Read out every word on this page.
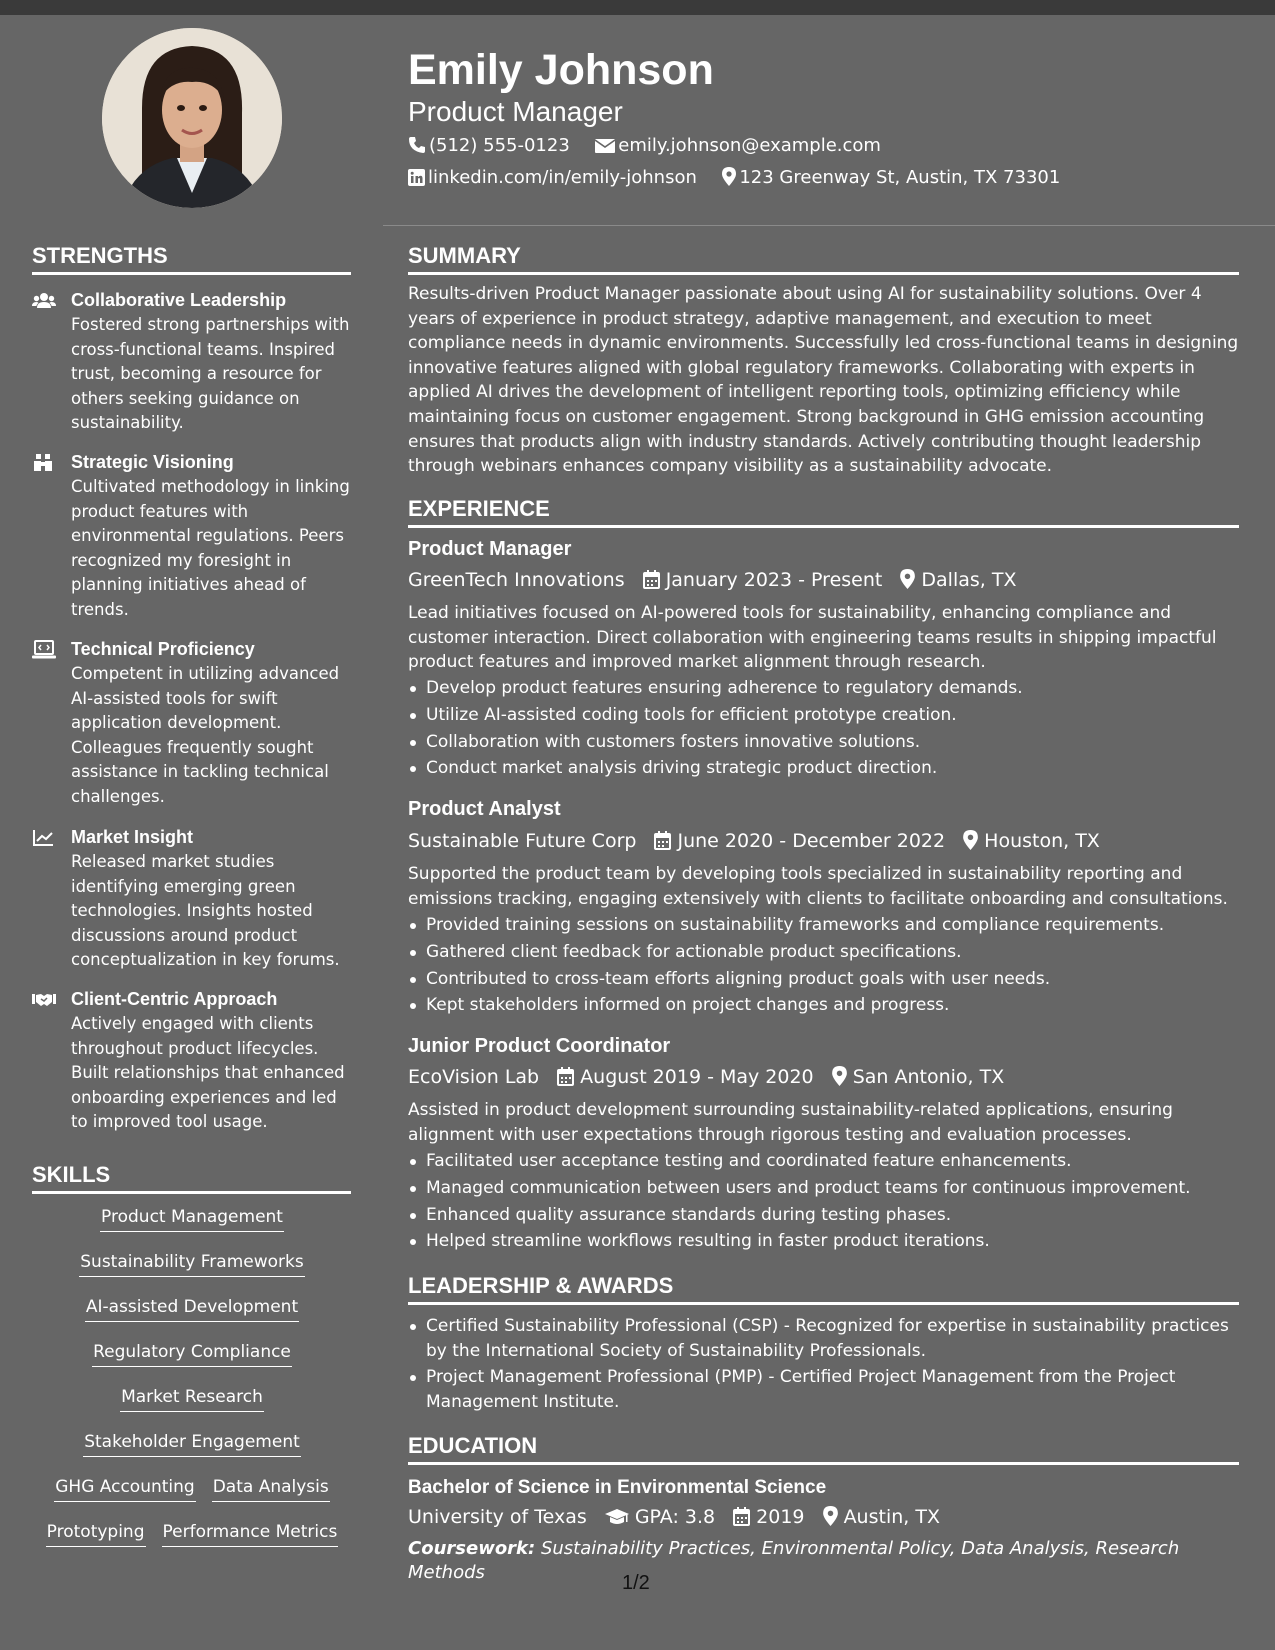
STRENGTHS
Collaborative Leadership
Fostered strong partnerships with cross-functional teams. Inspired trust, becoming a resource for others seeking guidance on sustainability.
Strategic Visioning
Cultivated methodology in linking product features with environmental regulations. Peers recognized my foresight in planning initiatives ahead of trends.
Technical Proficiency
Competent in utilizing advanced AI-assisted tools for swift application development. Colleagues frequently sought assistance in tackling technical challenges.
Market Insight
Released market studies identifying emerging green technologies. Insights hosted discussions around product conceptualization in key forums.
Client-Centric Approach
Actively engaged with clients throughout product lifecycles. Built relationships that enhanced onboarding experiences and led to improved tool usage.
SKILLS
Product Management
Sustainability Frameworks
AI-assisted Development
Regulatory Compliance
Market Research
Stakeholder Engagement
GHG Accounting Data Analysis
Prototyping Performance Metrics
Emily Johnson
Product Manager
(512) 555-0123	emily.johnson@example.com
linkedin.com/in/emily-johnson 123 Greenway St, Austin, TX 73301
SUMMARY
Results-driven Product Manager passionate about using AI for sustainability solutions. Over 4 years of experience in product strategy, adaptive management, and execution to meet compliance needs in dynamic environments. Successfully led cross-functional teams in designing innovative features aligned with global regulatory frameworks. Collaborating with experts in applied AI drives the development of intelligent reporting tools, optimizing efficiency while maintaining focus on customer engagement. Strong background in GHG emission accounting ensures that products align with industry standards. Actively contributing thought leadership through webinars enhances company visibility as a sustainability advocate.
EXPERIENCE
Product Manager
GreenTech Innovations January 2023 - Present Dallas, TX
Lead initiatives focused on AI-powered tools for sustainability, enhancing compliance and customer interaction. Direct collaboration with engineering teams results in shipping impactful product features and improved market alignment through research.
Develop product features ensuring adherence to regulatory demands.
Utilize AI-assisted coding tools for efficient prototype creation.
Collaboration with customers fosters innovative solutions.
Conduct market analysis driving strategic product direction.
Product Analyst
Sustainable Future Corp June 2020 - December 2022 Houston, TX
Supported the product team by developing tools specialized in sustainability reporting and emissions tracking, engaging extensively with clients to facilitate onboarding and consultations.
Provided training sessions on sustainability frameworks and compliance requirements.
Gathered client feedback for actionable product specifications.
Contributed to cross-team efforts aligning product goals with user needs.
Kept stakeholders informed on project changes and progress.
Junior Product Coordinator
EcoVision Lab August 2019 - May 2020 San Antonio, TX
Assisted in product development surrounding sustainability-related applications, ensuring alignment with user expectations through rigorous testing and evaluation processes.
Facilitated user acceptance testing and coordinated feature enhancements.
Managed communication between users and product teams for continuous improvement.
Enhanced quality assurance standards during testing phases.
Helped streamline workflows resulting in faster product iterations.
LEADERSHIP & AWARDS
Certified Sustainability Professional (CSP) - Recognized for expertise in sustainability practices by the International Society of Sustainability Professionals.
Project Management Professional (PMP) - Certified Project Management from the Project Management Institute.
EDUCATION
Bachelor of Science in Environmental Science
University of Texas	GPA: 3.8 2019 Austin, TX
Coursework: Sustainability Practices, Environmental Policy, Data Analysis, Research Methods	1/2
